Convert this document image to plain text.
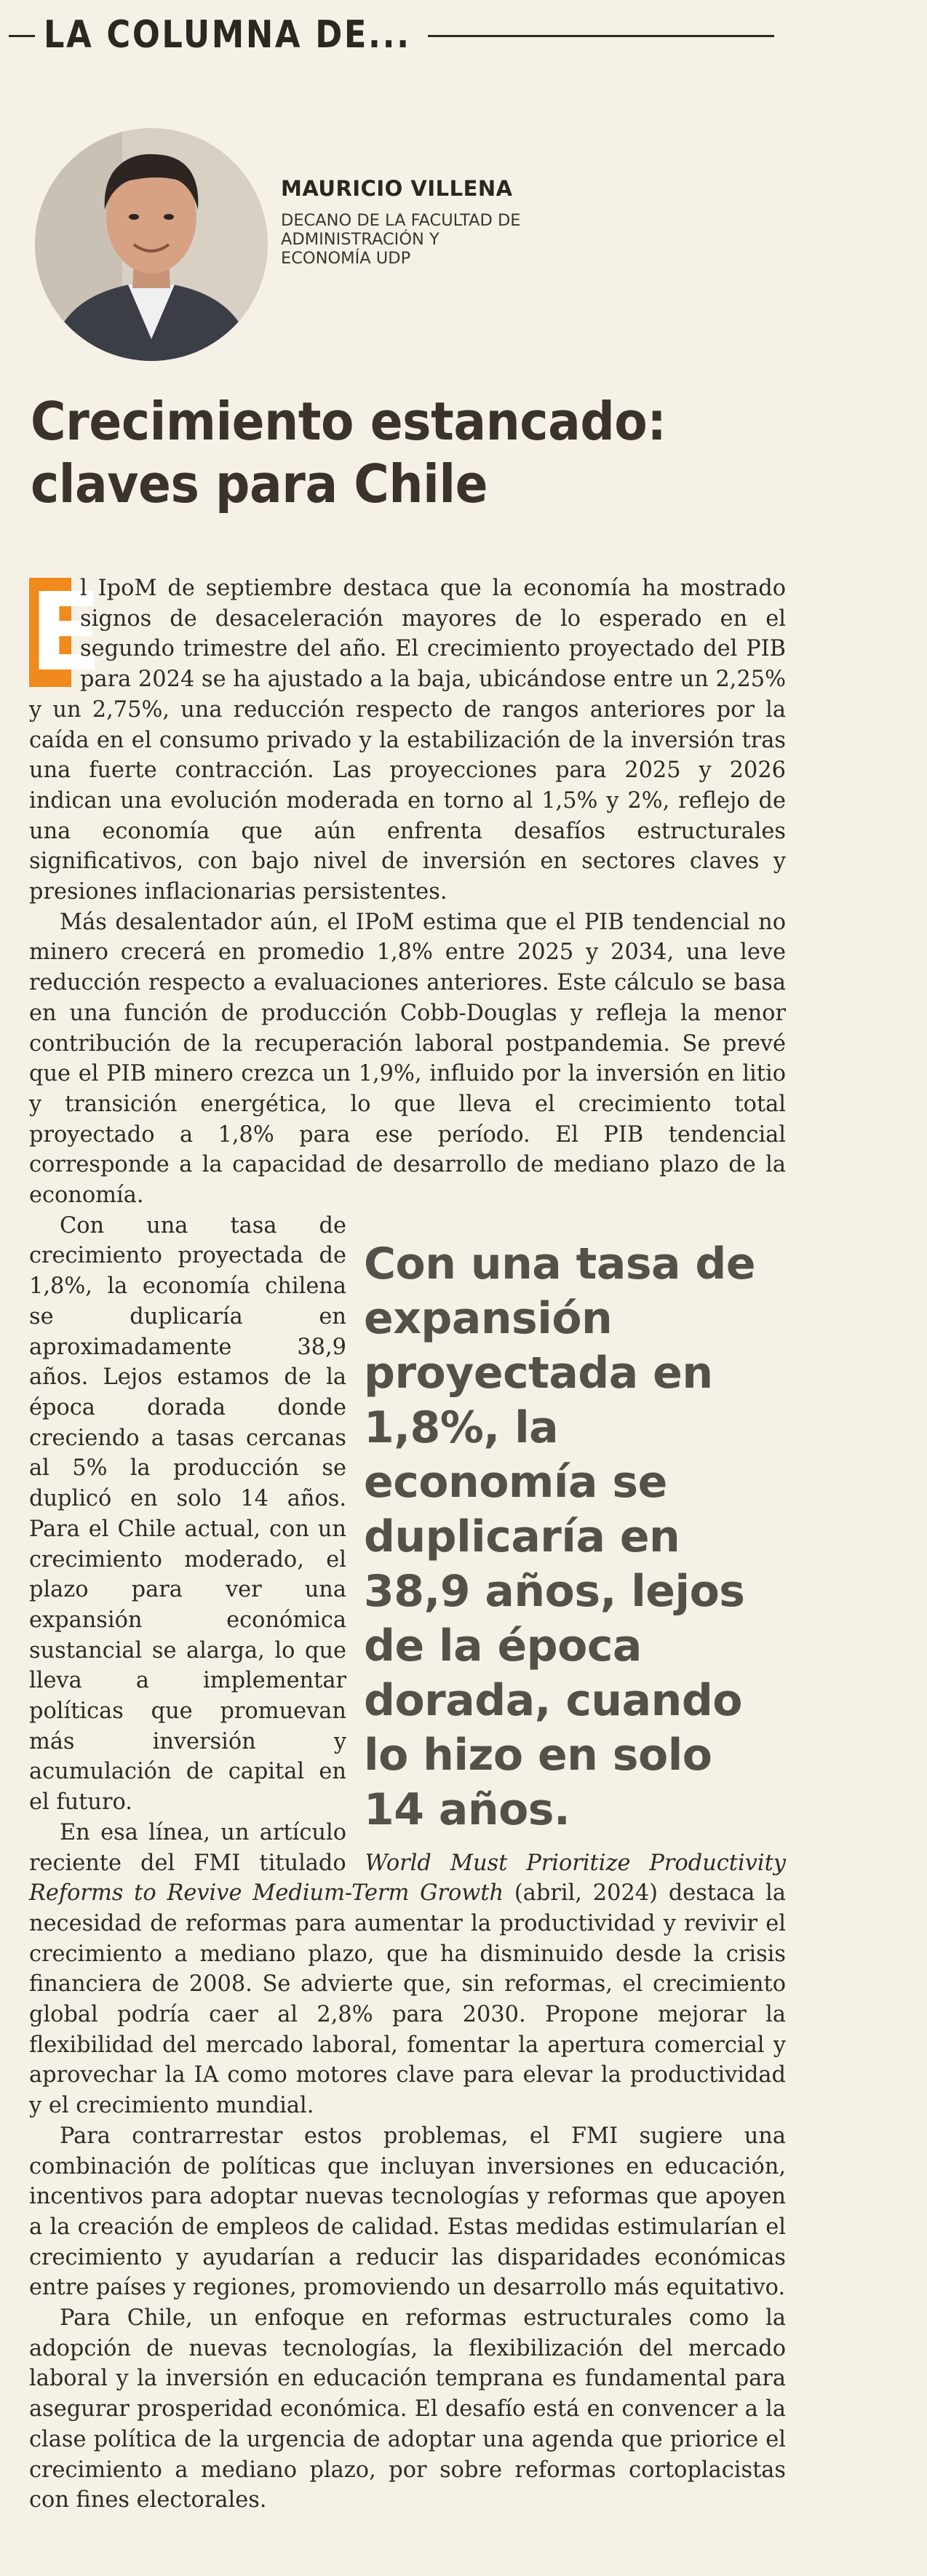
LA COLUMNA DE...
MAURICIO VILLENA
DECANO DE LA FACULTAD DE ADMINISTRACIÓN Y ECONOMÍA UDP
Crecimiento estancado: claves para Chile

E
l IpoM de septiembre destaca que la economía ha mostrado signos de desaceleración mayores de lo esperado en el segundo trimestre del año. El crecimiento proyectado del PIB para 2024 se ha ajustado a la baja, ubicándose entre un 2,25% y un 2,75%, una reducción respecto de rangos anteriores por la caída en el consumo privado y la estabilización de la inversión tras una fuerte contracción. Las proyecciones para 2025 y 2026 indican una evolución moderada en torno al 1,5% y 2%, reflejo de una economía que aún enfrenta desafíos estructurales significativos, con bajo nivel de inversión en sectores claves y presiones inflacionarias persistentes.

Más desalentador aún, el IPoM estima que el PIB tendencial no minero crecerá en promedio 1,8% entre 2025 y 2034, una leve reducción respecto a evaluaciones anteriores. Este cálculo se basa en una función de producción Cobb-Douglas y refleja la menor contribución de la recuperación laboral postpandemia. Se prevé que el PIB minero crezca un 1,9%, influido por la inversión en litio y transición energética, lo que lleva el crecimiento total proyectado a 1,8% para ese período. El PIB tendencial corresponde a la capacidad de desarrollo de mediano plazo de la economía.

Con una tasa de expansión proyectada en 1,8%, la economía se duplicaría en 38,9 años, lejos de la época dorada, cuando lo hizo en solo 14 años.
Con una tasa de crecimiento proyectada de 1,8%, la economía chilena se duplicaría en aproximadamente 38,9 años. Lejos estamos de la época dorada donde creciendo a tasas cercanas al 5% la producción se duplicó en solo 14 años. Para el Chile actual, con un crecimiento moderado, el plazo para ver una expansión económica sustancial se alarga, lo que lleva a implementar políticas que promuevan más inversión y acumulación de capital en el futuro.

En esa línea, un artículo reciente del FMI titulado World Must Prioritize Productivity Reforms to Revive Medium-Term Growth (abril, 2024) destaca la necesidad de reformas para aumentar la productividad y revivir el crecimiento a mediano plazo, que ha disminuido desde la crisis financiera de 2008. Se advierte que, sin reformas, el crecimiento global podría caer al 2,8% para 2030. Propone mejorar la flexibilidad del mercado laboral, fomentar la apertura comercial y aprovechar la IA como motores clave para elevar la productividad y el crecimiento mundial.

Para contrarrestar estos problemas, el FMI sugiere una combinación de políticas que incluyan inversiones en educación, incentivos para adoptar nuevas tecnologías y reformas que apoyen a la creación de empleos de calidad. Estas medidas estimularían el crecimiento y ayudarían a reducir las disparidades económicas entre países y regiones, promoviendo un desarrollo más equitativo.

Para Chile, un enfoque en reformas estructurales como la adopción de nuevas tecnologías, la flexibilización del mercado laboral y la inversión en educación temprana es fundamental para asegurar prosperidad económica. El desafío está en convencer a la clase política de la urgencia de adoptar una agenda que priorice el crecimiento a mediano plazo, por sobre reformas cortoplacistas con fines electorales.
